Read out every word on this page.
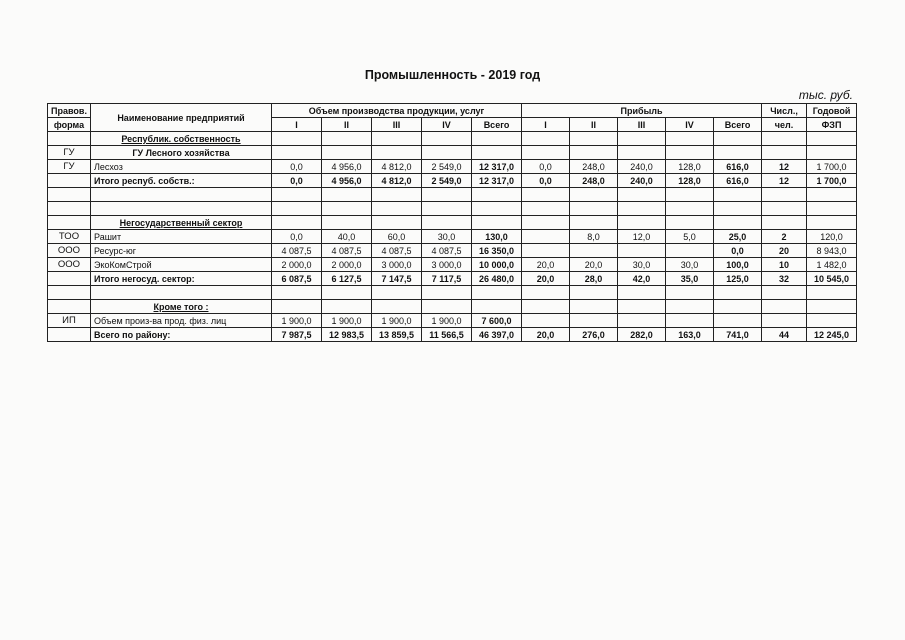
Промышленность - 2019 год
тыс. руб.
Правов.	Наименование предприятий	Объем производства продукции, услуг					Прибыль					Числ.,	Годовой
форма		I	II	III	IV	Всего	I	II	III	IV	Всего	чел.	ФЗП
	Республик. собственность												
ГУ	ГУ Лесного хозяйства												
ГУ	Лесхоз	0,0	4 956,0	4 812,0	2 549,0	12 317,0	0,0	248,0	240,0	128,0	616,0	12	1 700,0
	Итого респуб. собств.:	0,0	4 956,0	4 812,0	2 549,0	12 317,0	0,0	248,0	240,0	128,0	616,0	12	1 700,0

	Негосударственный сектор												
ТОО	Рашит	0,0	40,0	60,0	30,0	130,0		8,0	12,0	5,0	25,0	2	120,0
ООО	Ресурс-юг	4 087,5	4 087,5	4 087,5	4 087,5	16 350,0					0,0	20	8 943,0
ООО	ЭкоКомСтрой	2 000,0	2 000,0	3 000,0	3 000,0	10 000,0	20,0	20,0	30,0	30,0	100,0	10	1 482,0
	Итого негосуд. сектор:	6 087,5	6 127,5	7 147,5	7 117,5	26 480,0	20,0	28,0	42,0	35,0	125,0	32	10 545,0

	Кроме того :												
ИП	Объем произ-ва прод. физ. лиц	1 900,0	1 900,0	1 900,0	1 900,0	7 600,0							
	Всего по району:	7 987,5	12 983,5	13 859,5	11 566,5	46 397,0	20,0	276,0	282,0	163,0	741,0	44	12 245,0
